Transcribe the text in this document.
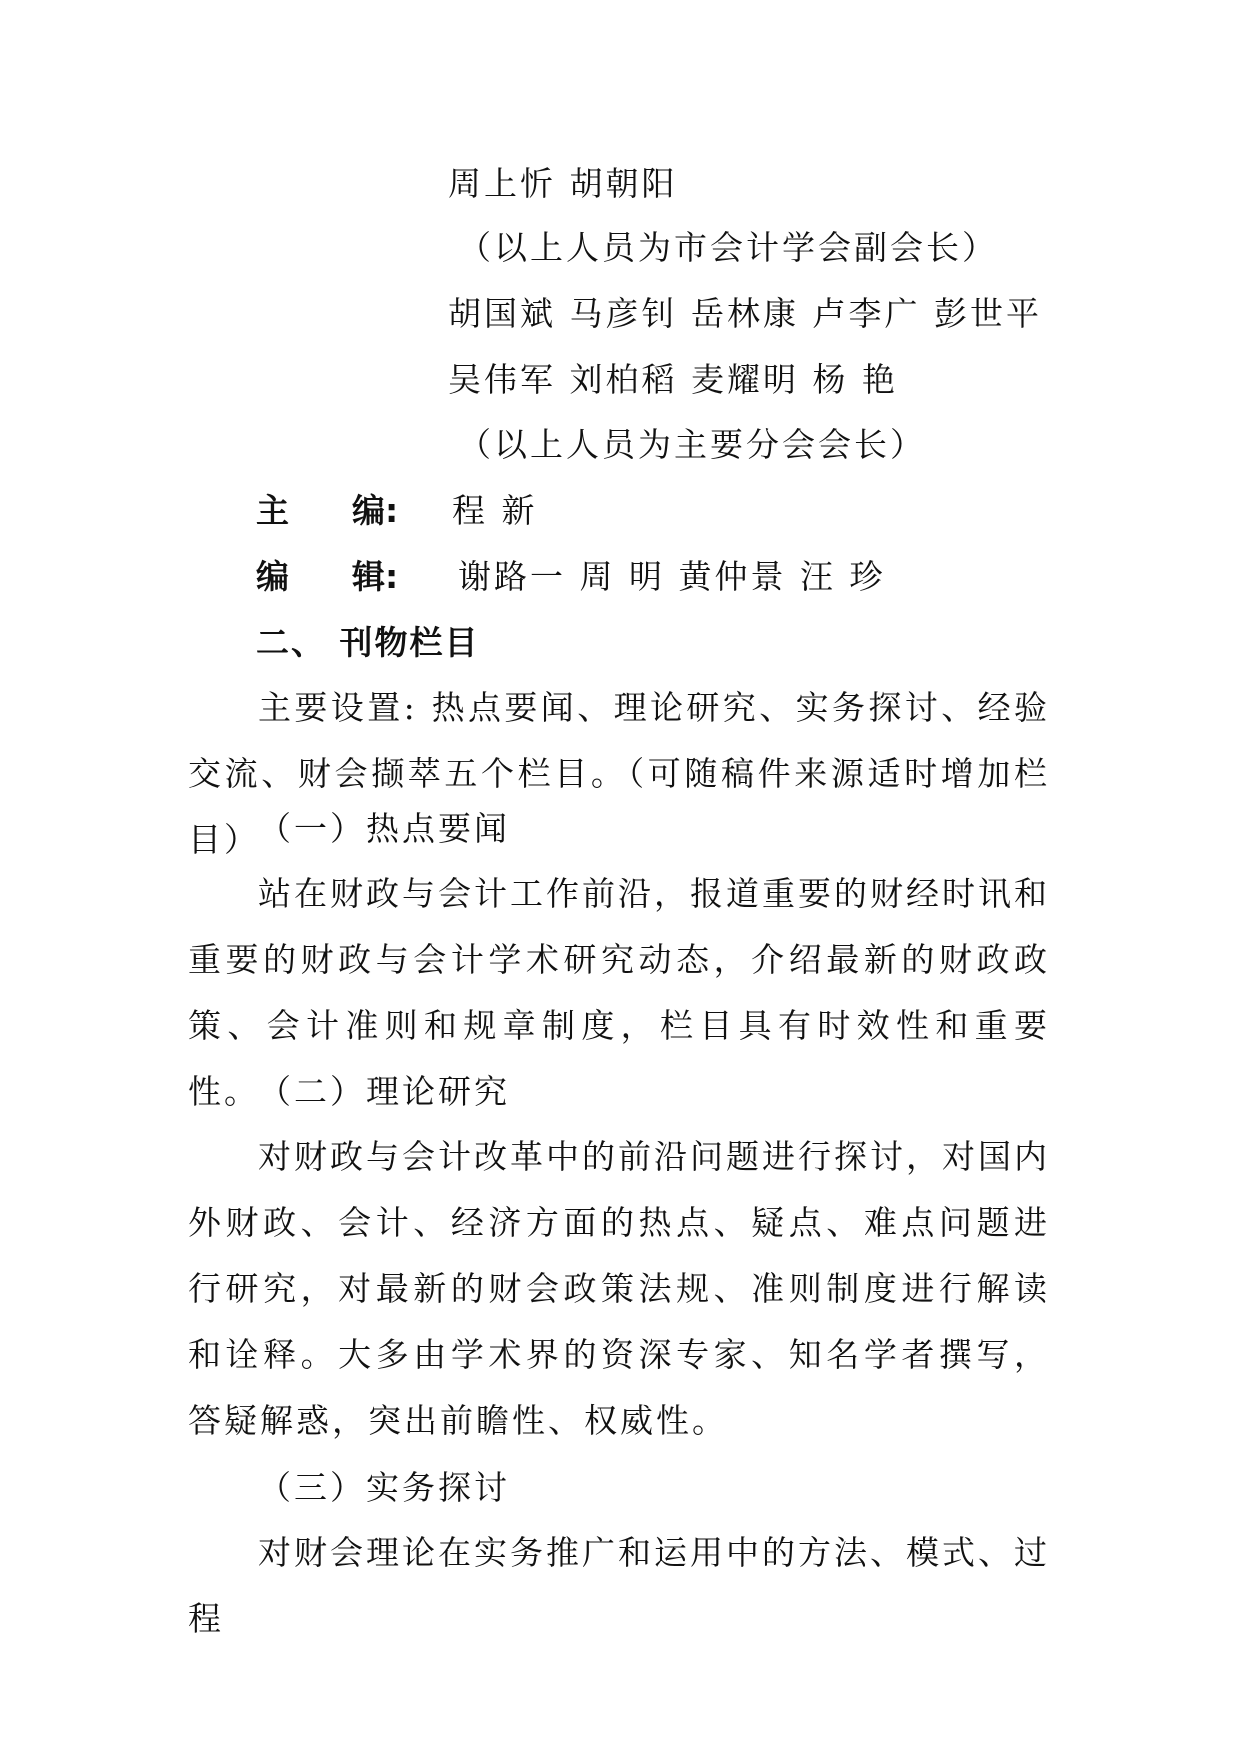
周上忻 胡朝阳
（以上人员为市会计学会副会长）
胡国斌 马彦钊 岳林康 卢李广 彭世平
吴伟军 刘柏稻 麦耀明 杨 艳
（以上人员为主要分会会长）
主 编: 程 新
编 辑: 谢路一 周 明 黄仲景 汪 珍
二、 刊物栏目
主要设置: 热点要闻、理论研究、实务探讨、经验交流、财会撷萃五个栏目。（可随稿件来源适时增加栏目）
（一）热点要闻
站在财政与会计工作前沿，报道重要的财经时讯和重要的财政与会计学术研究动态，介绍最新的财政政策、会计准则和规章制度，栏目具有时效性和重要性。
（二）理论研究
对财政与会计改革中的前沿问题进行探讨，对国内外财政、会计、经济方面的热点、疑点、难点问题进行研究，对最新的财会政策法规、准则制度进行解读和诠释。大多由学术界的资深专家、知名学者撰写，答疑解惑，突出前瞻性、权威性。
（三）实务探讨
对财会理论在实务推广和运用中的方法、模式、过程
